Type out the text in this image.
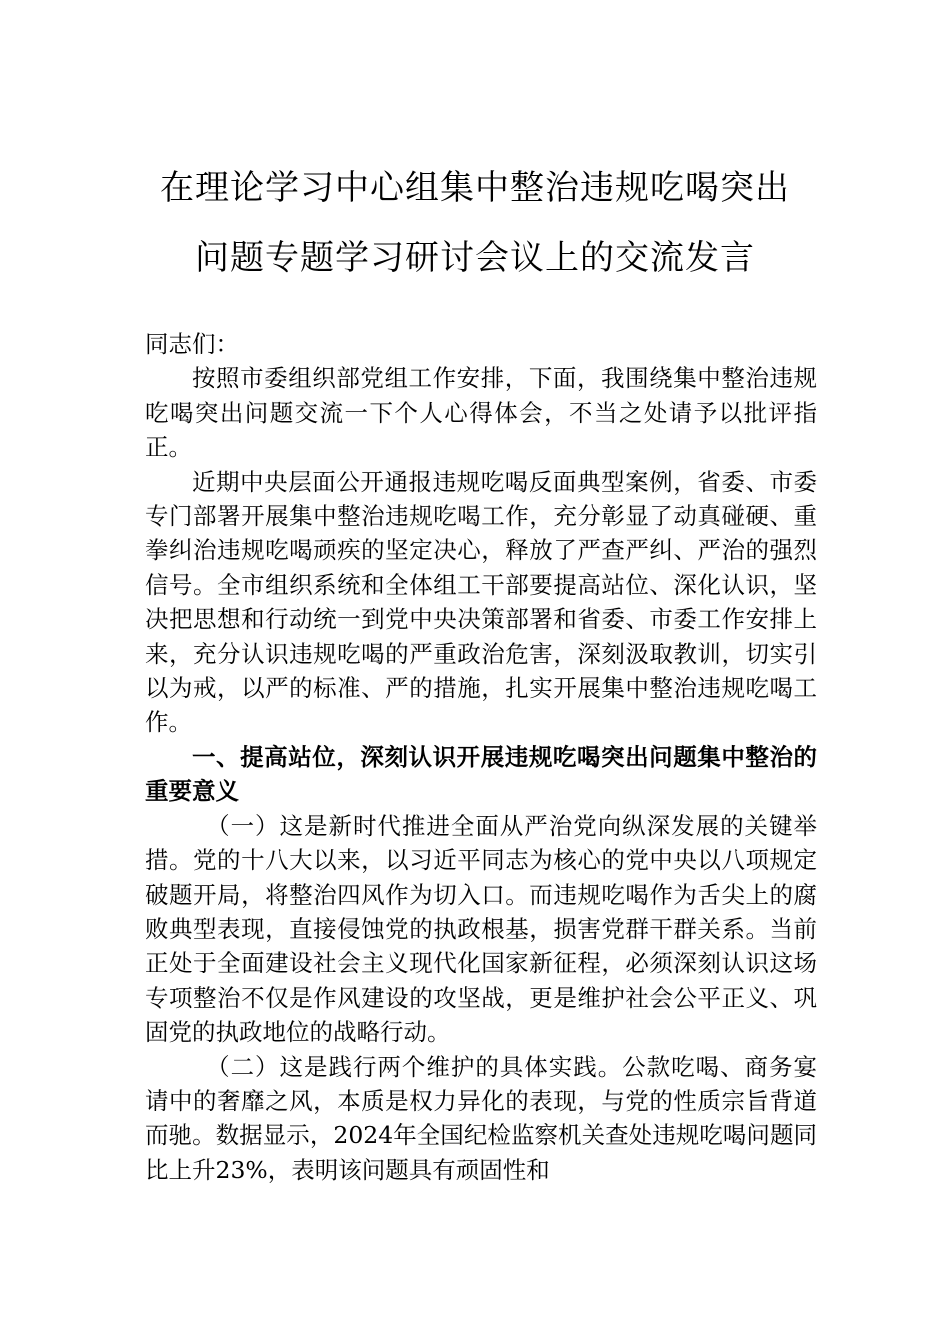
在理论学习中心组集中整治违规吃喝突出
问题专题学习研讨会议上的交流发言

同志们：

按照市委组织部党组工作安排，下面，我围绕集中整治违规吃喝突出问题交流一下个人心得体会，不当之处请予以批评指正。

近期中央层面公开通报违规吃喝反面典型案例，省委、市委专门部署开展集中整治违规吃喝工作，充分彰显了动真碰硬、重拳纠治违规吃喝顽疾的坚定决心，释放了严查严纠、严治的强烈信号。全市组织系统和全体组工干部要提高站位、深化认识，坚决把思想和行动统一到党中央决策部署和省委、市委工作安排上来，充分认识违规吃喝的严重政治危害，深刻汲取教训，切实引以为戒，以严的标准、严的措施，扎实开展集中整治违规吃喝工作。

一、提高站位，深刻认识开展违规吃喝突出问题集中整治的重要意义

（一）这是新时代推进全面从严治党向纵深发展的关键举措。党的十八大以来，以习近平同志为核心的党中央以八项规定破题开局，将整治四风作为切入口。而违规吃喝作为舌尖上的腐败典型表现，直接侵蚀党的执政根基，损害党群干群关系。当前正处于全面建设社会主义现代化国家新征程，必须深刻认识这场专项整治不仅是作风建设的攻坚战，更是维护社会公平正义、巩固党的执政地位的战略行动。

（二）这是践行两个维护的具体实践。公款吃喝、商务宴请中的奢靡之风，本质是权力异化的表现，与党的性质宗旨背道而驰。数据显示，2024年全国纪检监察机关查处违规吃喝问题同比上升23%，表明该问题具有顽固性和
